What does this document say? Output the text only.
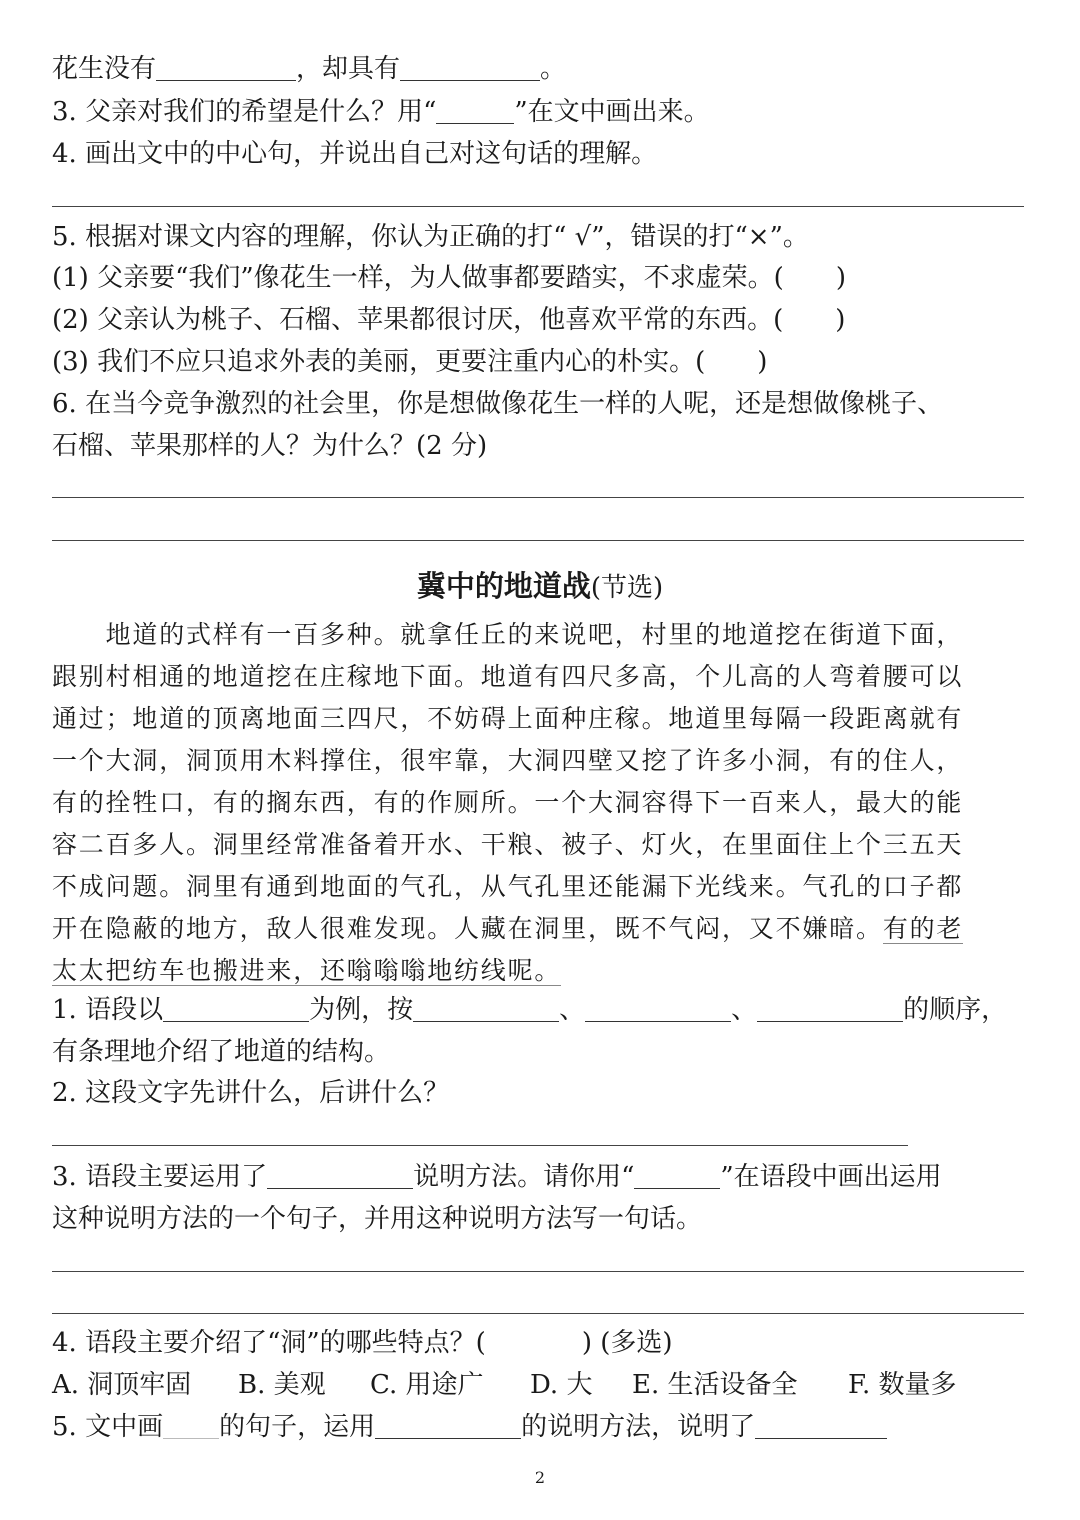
花生没有	，却具有	。
3. 父亲对我们的希望是什么？用“	”在文中画出来。
4. 画出文中的中心句，并说出自己对这句话的理解。
5. 根据对课文内容的理解，你认为正确的打“ √”，错误的打“×”。
(1) 父亲要“我们”像花生一样，为人做事都要踏实，不求虚荣。( )
(2) 父亲认为桃子、石榴、苹果都很讨厌，他喜欢平常的东西。( )
(3) 我们不应只追求外表的美丽，更要注重内心的朴实。( )
6. 在当今竞争激烈的社会里，你是想做像花生一样的人呢，还是想做像桃子、
石榴、苹果那样的人？为什么？(2 分)
冀中的地道战(节选)
　　地道的式样有一百多种。就拿任丘的来说吧，村里的地道挖在街道下面，
跟别村相通的地道挖在庄稼地下面。地道有四尺多高，个儿高的人弯着腰可以
通过；地道的顶离地面三四尺，不妨碍上面种庄稼。地道里每隔一段距离就有
一个大洞，洞顶用木料撑住，很牢靠，大洞四壁又挖了许多小洞，有的住人，
有的拴牲口，有的搁东西，有的作厕所。一个大洞容得下一百来人，最大的能
容二百多人。洞里经常准备着开水、干粮、被子、灯火，在里面住上个三五天
不成问题。洞里有通到地面的气孔，从气孔里还能漏下光线来。气孔的口子都
开在隐蔽的地方，敌人很难发现。人藏在洞里，既不气闷，又不嫌暗。有的老
太太把纺车也搬进来，还嗡嗡嗡地纺线呢。
1. 语段以	为例，按	、	、	的顺序，
有条理地介绍了地道的结构。
2. 这段文字先讲什么，后讲什么？
3. 语段主要运用了	说明方法。请你用“	”在语段中画出运用
这种说明方法的一个句子，并用这种说明方法写一句话。
4. 语段主要介绍了“洞”的哪些特点？(	) (多选)
A. 洞顶牢固 B. 美观 C. 用途广 D. 大 E. 生活设备全 F. 数量多
5. 文中画 的句子，运用	的说明方法，说明了
2
